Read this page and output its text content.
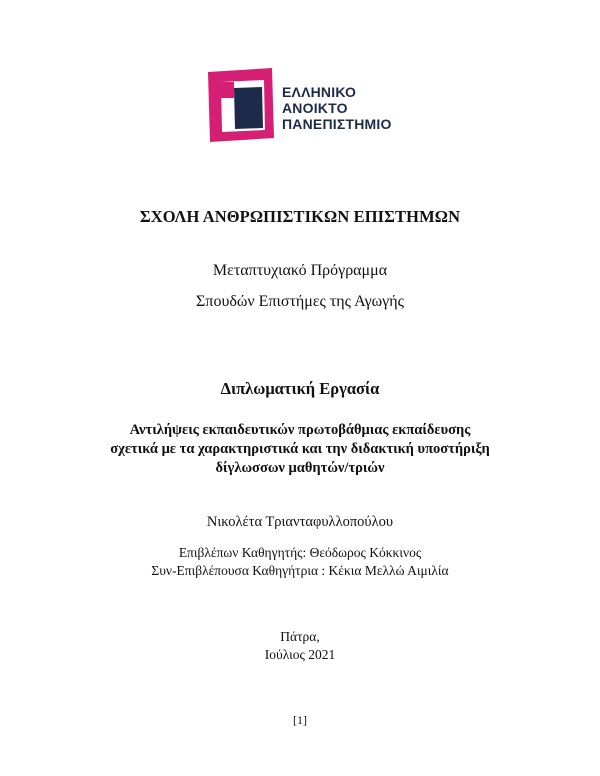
ΕΛΛΗΝΙΚΟ
ΑΝΟΙΚΤΟ
ΠΑΝΕΠΙΣΤΗΜΙΟ
ΣΧΟΛΗ ΑΝΘΡΩΠΙΣΤΙΚΩΝ ΕΠΙΣΤΗΜΩΝ
Μεταπτυχιακό Πρόγραμμα
Σπουδών Επιστήμες της Αγωγής
Διπλωματική Εργασία
Αντιλήψεις εκπαιδευτικών πρωτοβάθμιας εκπαίδευσης
σχετικά με τα χαρακτηριστικά και την διδακτική υποστήριξη
δίγλωσσων μαθητών/τριών
Νικολέτα Τριανταφυλλοπούλου
Επιβλέπων Καθηγητής: Θεόδωρος Κόκκινος
Συν-Επιβλέπουσα Καθηγήτρια : Κέκια Μελλώ Αιμιλία
Πάτρα,
Ιούλιος 2021
[1]
